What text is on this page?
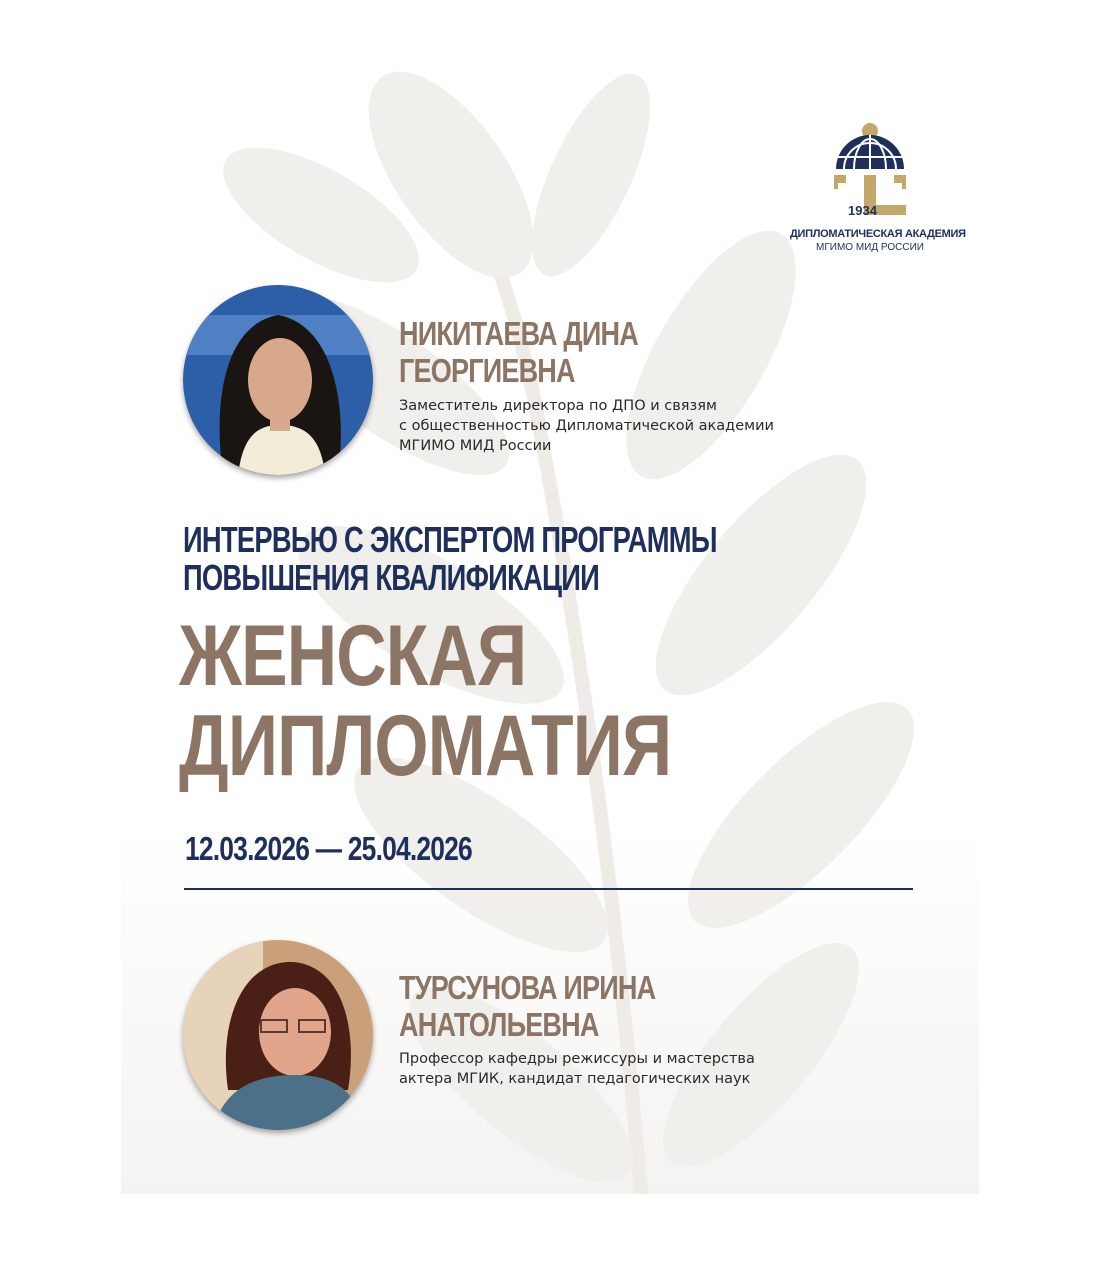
1934
ДИПЛОМАТИЧЕСКАЯ АКАДЕМИЯ
МГИМО МИД РОССИИ
НИКИТАЕВА ДИНА
ГЕОРГИЕВНА
Заместитель директора по ДПО и связям
с общественностью Дипломатической академии
МГИМО МИД России
ИНТЕРВЬЮ С ЭКСПЕРТОМ ПРОГРАММЫ
ПОВЫШЕНИЯ КВАЛИФИКАЦИИ
ЖЕНСКАЯ
ДИПЛОМАТИЯ
12.03.2026 — 25.04.2026
ТУРСУНОВА ИРИНА
АНАТОЛЬЕВНА
Профессор кафедры режиссуры и мастерства
актера МГИК, кандидат педагогических наук
